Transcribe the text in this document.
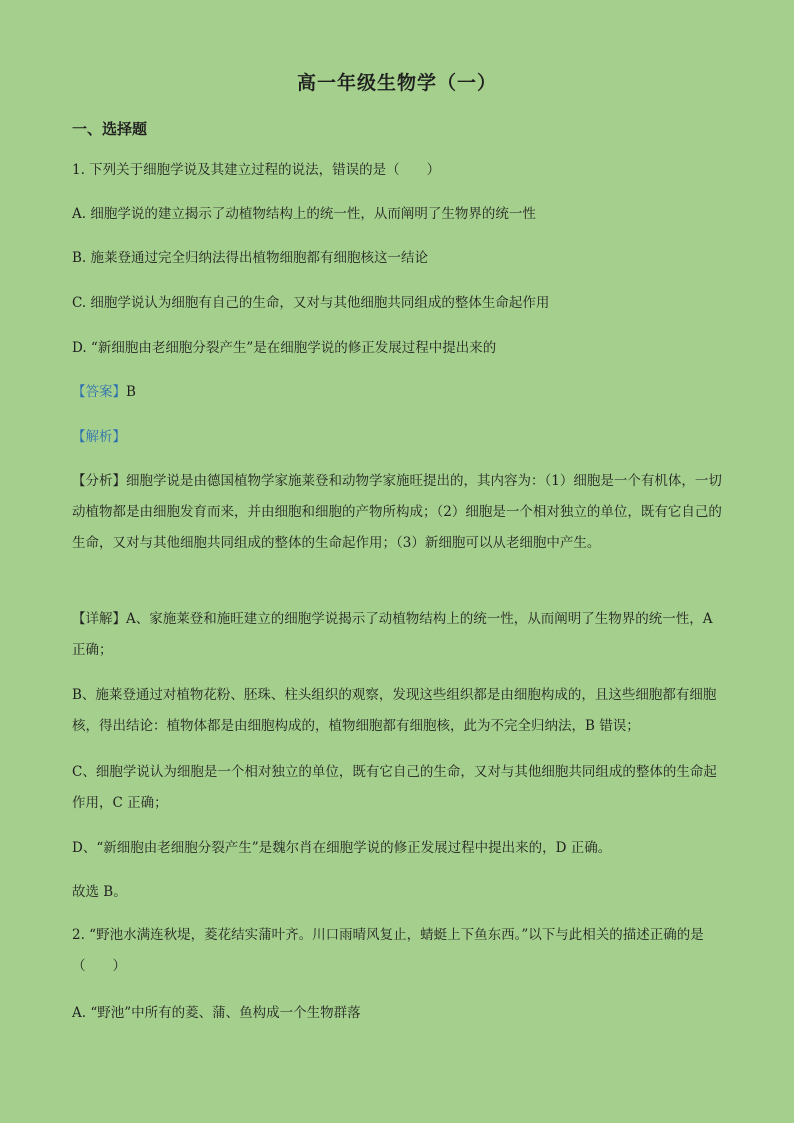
高一年级生物学（一）
一、选择题
1. 下列关于细胞学说及其建立过程的说法，错误的是（　　）
A. 细胞学说的建立揭示了动植物结构上的统一性，从而阐明了生物界的统一性
B. 施莱登通过完全归纳法得出植物细胞都有细胞核这一结论
C. 细胞学说认为细胞有自己的生命，又对与其他细胞共同组成的整体生命起作用
D. “新细胞由老细胞分裂产生”是在细胞学说的修正发展过程中提出来的
【答案】B
【解析】
【分析】细胞学说是由德国植物学家施莱登和动物学家施旺提出的，其内容为：（1）细胞是一个有机体，一切动植物都是由细胞发育而来，并由细胞和细胞的产物所构成；（2）细胞是一个相对独立的单位，既有它自己的生命，又对与其他细胞共同组成的整体的生命起作用；（3）新细胞可以从老细胞中产生。
【详解】A、家施莱登和施旺建立的细胞学说揭示了动植物结构上的统一性，从而阐明了生物界的统一性，A 正确；
B、施莱登通过对植物花粉、胚珠、柱头组织的观察，发现这些组织都是由细胞构成的，且这些细胞都有细胞核，得出结论：植物体都是由细胞构成的，植物细胞都有细胞核，此为不完全归纳法，B 错误；
C、细胞学说认为细胞是一个相对独立的单位，既有它自己的生命，又对与其他细胞共同组成的整体的生命起作用，C 正确；
D、“新细胞由老细胞分裂产生”是魏尔肖在细胞学说的修正发展过程中提出来的，D 正确。
故选 B。
2. “野池水满连秋堤，菱花结实蒲叶齐。川口雨晴风复止，蜻蜓上下鱼东西。”以下与此相关的描述正确的是（　　）
A. “野池”中所有的菱、蒲、鱼构成一个生物群落
